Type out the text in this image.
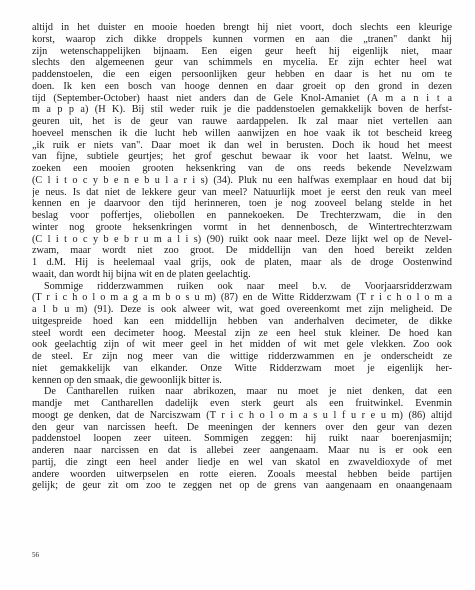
altijd in het duister en mooie hoeden brengt hij niet voort, doch slechts een kleurige
korst, waarop zich dikke droppels kunnen vormen en aan die „tranen" dankt hij
zijn wetenschappelijken bijnaam. Een eigen geur heeft hij eigenlijk niet, maar
slechts den algemeenen geur van schimmels en mycelia. Er zijn echter heel wat
paddenstoelen, die een eigen persoonlijken geur hebben en daar is het nu om te
doen. Ik ken een bosch van hooge dennen en daar groeit op den grond in dezen
tijd (September-October) haast niet anders dan de Gele Knol-Amaniet (A m a n i t a
m a p p a) (H K). Bij stil weder ruik je die paddenstoelen gemakkelijk boven de herfst-
geuren uit, het is de geur van rauwe aardappelen. Ik zal maar niet vertellen aan
hoeveel menschen ik die lucht heb willen aanwijzen en hoe vaak ik tot bescheid kreeg
„ik ruik er niets van". Daar moet ik dan wel in berusten. Doch ik houd het meest
van fijne, subtiele geurtjes; het grof geschut bewaar ik voor het laatst. Welnu, we
zoeken een mooien grooten heksenkring van de ons reeds bekende Nevelzwam
(C l i t o c y b e n e b u l a r i s) (34). Pluk nu een halfwas exemplaar en houd dat bij
je neus. Is dat niet de lekkere geur van meel? Natuurlijk moet je eerst den reuk van meel
kennen en je daarvoor den tijd herinneren, toen je nog zooveel belang stelde in het
beslag voor poffertjes, oliebollen en pannekoeken. De Trechterzwam, die in den
winter nog groote heksenkringen vormt in het dennenbosch, de Wintertrechterzwam
(C l i t o c y b e b r u m a l i s) (90) ruikt ook naar meel. Deze lijkt wel op de Nevel-
zwam, maar wordt niet zoo groot. De middellijn van den hoed bereikt zelden
1 d.M. Hij is heelemaal vaal grijs, ook de platen, maar als de droge Oostenwind
waait, dan wordt hij bijna wit en de platen geelachtig.
Sommige ridderzwammen ruiken ook naar meel b.v. de Voorjaarsridderzwam
(T r i c h o l o m a g a m b o s u m) (87) en de Witte Ridderzwam (T r i c h o l o m a
a l b u m) (91). Deze is ook alweer wit, wat goed overeenkomt met zijn meligheid. De
uitgespreide hoed kan een middellijn hebben van anderhalven decimeter, de dikke
steel wordt een decimeter hoog. Meestal zijn ze een heel stuk kleiner. De hoed kan
ook geelachtig zijn of wit meer geel in het midden of wit met gele vlekken. Zoo ook
de steel. Er zijn nog meer van die wittige ridderzwammen en je onderscheidt ze
niet gemakkelijk van elkander. Onze Witte Ridderzwam moet je eigenlijk her-
kennen op den smaak, die gewoonlijk bitter is.
De Cantharellen ruiken naar abrikozen, maar nu moet je niet denken, dat een
mandje met Cantharellen dadelijk even sterk geurt als een fruitwinkel. Evenmin
moogt ge denken, dat de Narciszwam (T r i c h o l o m a s u l f u r e u m) (86) altijd
den geur van narcissen heeft. De meeningen der kenners over den geur van dezen
paddenstoel loopen zeer uiteen. Sommigen zeggen: hij ruikt naar boerenjasmijn;
anderen naar narcissen en dat is allebei zeer aangenaam. Maar nu is er ook een
partij, die zingt een heel ander liedje en wel van skatol en zwaveldioxyde of met
andere woorden uitwerpselen en rotte eieren. Zooals meestal hebben beide partijen
gelijk; de geur zit om zoo te zeggen net op de grens van aangenaam en onaangenaam
56
